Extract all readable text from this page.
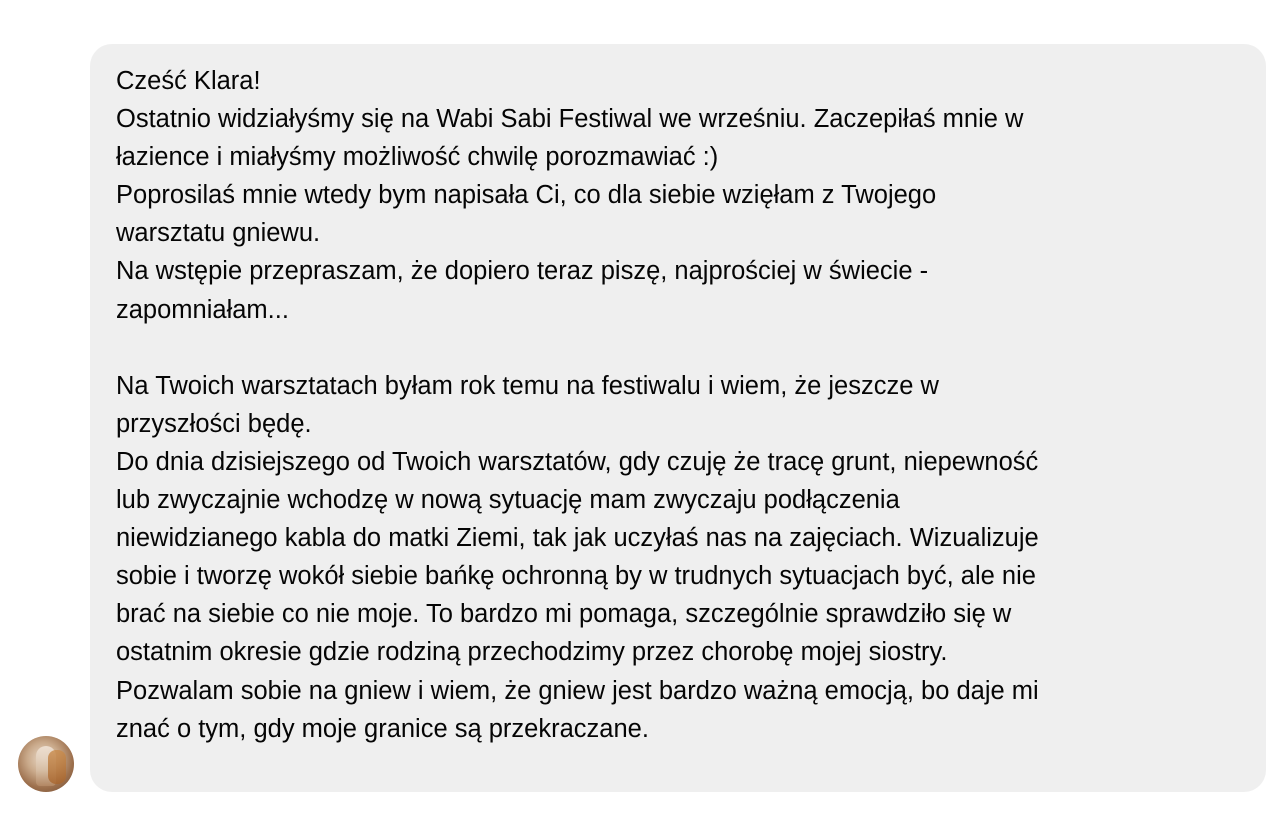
Cześć Klara!
Ostatnio widziałyśmy się na Wabi Sabi Festiwal we wrześniu. Zaczepiłaś mnie w
łazience i miałyśmy możliwość chwilę porozmawiać :)
Poprosilaś mnie wtedy bym napisała Ci, co dla siebie wzięłam z Twojego
warsztatu gniewu.
Na wstępie przepraszam, że dopiero teraz piszę, najprościej w świecie -
zapomniałam...
Na Twoich warsztatach byłam rok temu na festiwalu i wiem, że jeszcze w
przyszłości będę.
Do dnia dzisiejszego od Twoich warsztatów, gdy czuję że tracę grunt, niepewność
lub zwyczajnie wchodzę w nową sytuację mam zwyczaju podłączenia
niewidzianego kabla do matki Ziemi, tak jak uczyłaś nas na zajęciach. Wizualizuje
sobie i tworzę wokół siebie bańkę ochronną by w trudnych sytuacjach być, ale nie
brać na siebie co nie moje. To bardzo mi pomaga, szczególnie sprawdziło się w
ostatnim okresie gdzie rodziną przechodzimy przez chorobę mojej siostry.
Pozwalam sobie na gniew i wiem, że gniew jest bardzo ważną emocją, bo daje mi
znać o tym, gdy moje granice są przekraczane.
